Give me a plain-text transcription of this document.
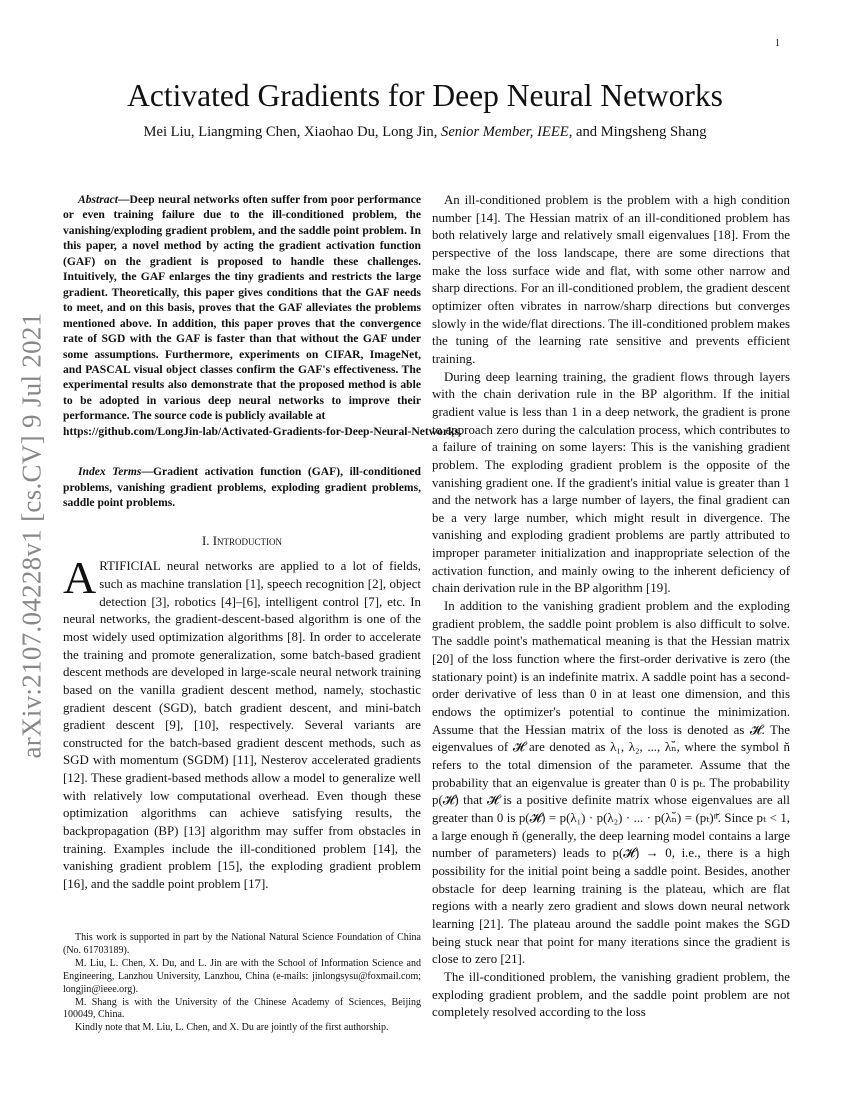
1
arXiv:2107.04228v1 [cs.CV] 9 Jul 2021
Activated Gradients for Deep Neural Networks
Mei Liu, Liangming Chen, Xiaohao Du, Long Jin, Senior Member, IEEE, and Mingsheng Shang

Abstract—Deep neural networks often suffer from poor performance or even training failure due to the ill-conditioned problem, the vanishing/exploding gradient problem, and the saddle point problem. In this paper, a novel method by acting the gradient activation function (GAF) on the gradient is proposed to handle these challenges. Intuitively, the GAF enlarges the tiny gradients and restricts the large gradient. Theoretically, this paper gives conditions that the GAF needs to meet, and on this basis, proves that the GAF alleviates the problems mentioned above. In addition, this paper proves that the convergence rate of SGD with the GAF is faster than that without the GAF under some assumptions. Furthermore, experiments on CIFAR, ImageNet, and PASCAL visual object classes confirm the GAF's effectiveness. The experimental results also demonstrate that the proposed method is able to be adopted in various deep neural networks to improve their performance. The source code is publicly available at
https://github.com/LongJin-lab/Activated-Gradients-for-Deep-Neural-Networks.

Index Terms—Gradient activation function (GAF), ill-conditioned problems, vanishing gradient problems, exploding gradient problems, saddle point problems.

I. Introduction

ARTIFICIAL neural networks are applied to a lot of fields, such as machine translation [1], speech recognition [2], object detection [3], robotics [4]–[6], intelligent control [7], etc. In neural networks, the gradient-descent-based algorithm is one of the most widely used optimization algorithms [8]. In order to accelerate the training and promote generalization, some batch-based gradient descent methods are developed in large-scale neural network training based on the vanilla gradient descent method, namely, stochastic gradient descent (SGD), batch gradient descent, and mini-batch gradient descent [9], [10], respectively. Several variants are constructed for the batch-based gradient descent methods, such as SGD with momentum (SGDM) [11], Nesterov accelerated gradients [12]. These gradient-based methods allow a model to generalize well with relatively low computational overhead. Even though these optimization algorithms can achieve satisfying results, the backpropagation (BP) [13] algorithm may suffer from obstacles in training. Examples include the ill-conditioned problem [14], the vanishing gradient problem [15], the exploding gradient problem [16], and the saddle point problem [17].

This work is supported in part by the National Natural Science Foundation of China (No. 61703189).

M. Liu, L. Chen, X. Du, and L. Jin are with the School of Information Science and Engineering, Lanzhou University, Lanzhou, China (e-mails: jinlongsysu@foxmail.com; longjin@ieee.org).

M. Shang is with the University of the Chinese Academy of Sciences, Beijing 100049, China.

Kindly note that M. Liu, L. Chen, and X. Du are jointly of the first authorship.

An ill-conditioned problem is the problem with a high condition number [14]. The Hessian matrix of an ill-conditioned problem has both relatively large and relatively small eigenvalues [18]. From the perspective of the loss landscape, there are some directions that make the loss surface wide and flat, with some other narrow and sharp directions. For an ill-conditioned problem, the gradient descent optimizer often vibrates in narrow/sharp directions but converges slowly in the wide/flat directions. The ill-conditioned problem makes the tuning of the learning rate sensitive and prevents efficient training.

During deep learning training, the gradient flows through layers with the chain derivation rule in the BP algorithm. If the initial gradient value is less than 1 in a deep network, the gradient is prone to approach zero during the calculation process, which contributes to a failure of training on some layers: This is the vanishing gradient problem. The exploding gradient problem is the opposite of the vanishing gradient one. If the gradient's initial value is greater than 1 and the network has a large number of layers, the final gradient can be a very large number, which might result in divergence. The vanishing and exploding gradient problems are partly attributed to improper parameter initialization and inappropriate selection of the activation function, and mainly owing to the inherent deficiency of chain derivation rule in the BP algorithm [19].

In addition to the vanishing gradient problem and the exploding gradient problem, the saddle point problem is also difficult to solve. The saddle point's mathematical meaning is that the Hessian matrix [20] of the loss function where the first-order derivative is zero (the stationary point) is an indefinite matrix. A saddle point has a second-order derivative of less than 0 in at least one dimension, and this endows the optimizer's potential to continue the minimization. Assume that the Hessian matrix of the loss is denoted as 𝓗. The eigenvalues of 𝓗 are denoted as λ₁, λ₂, ..., λₙ̆, where the symbol n̆ refers to the total dimension of the parameter. Assume that the probability that an eigenvalue is greater than 0 is pₜ. The probability p(𝓗) that 𝓗 is a positive definite matrix whose eigenvalues are all greater than 0 is p(𝓗) = p(λ₁) · p(λ₂) · ... · p(λₙ̆) = (pₜ)ⁿ̆. Since pₜ < 1, a large enough n̆ (generally, the deep learning model contains a large number of parameters) leads to p(𝓗) → 0, i.e., there is a high possibility for the initial point being a saddle point. Besides, another obstacle for deep learning training is the plateau, which are flat regions with a nearly zero gradient and slows down neural network learning [21]. The plateau around the saddle point makes the SGD being stuck near that point for many iterations since the gradient is close to zero [21].

The ill-conditioned problem, the vanishing gradient problem, the exploding gradient problem, and the saddle point problem are not completely resolved according to the loss
